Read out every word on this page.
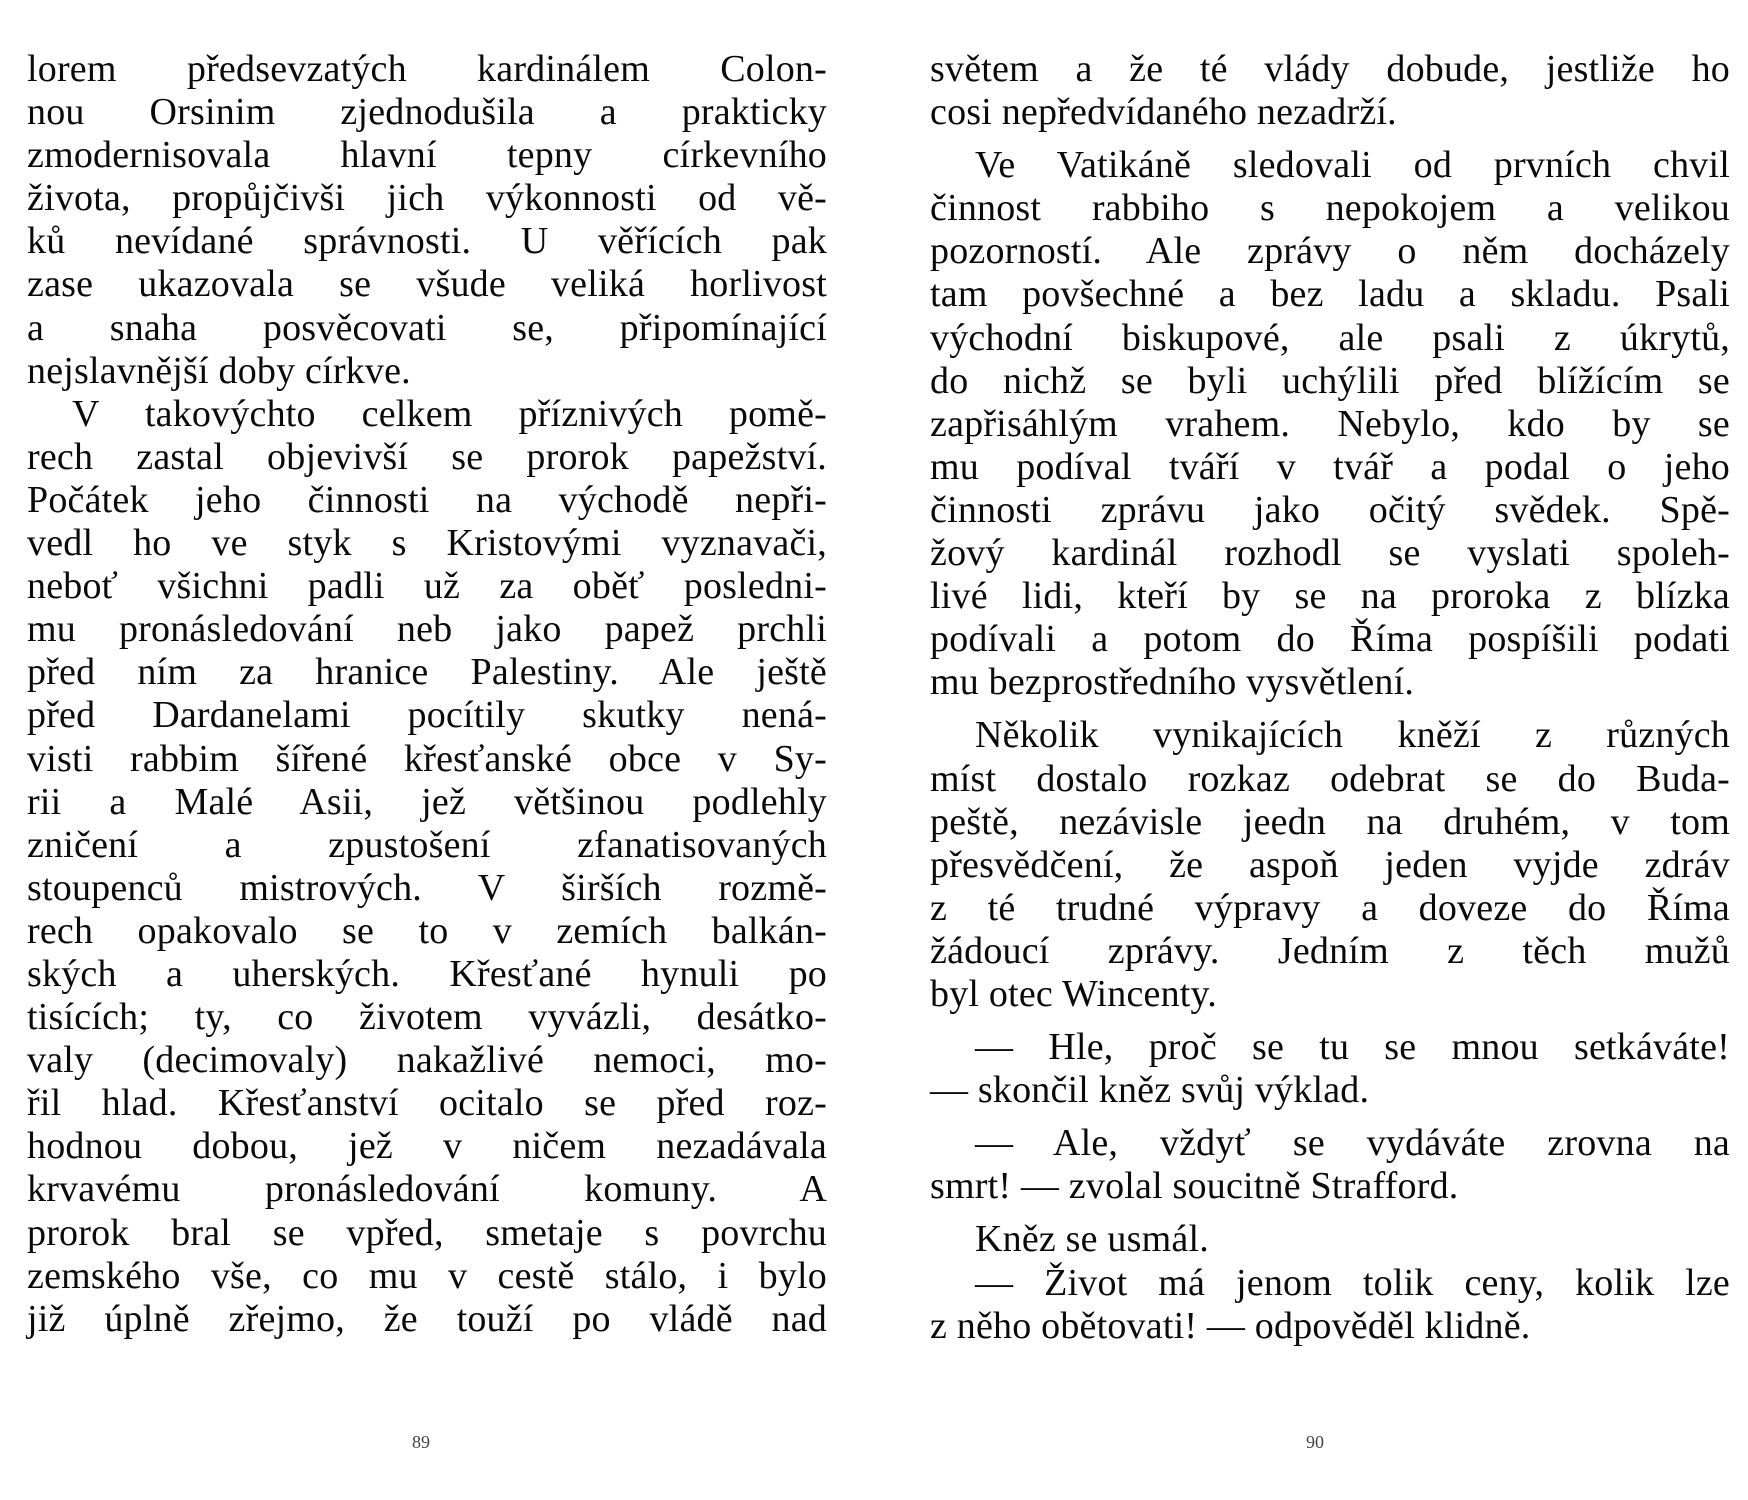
lorem předsevzatých kardinálem Colon-
nou Orsinim zjednodušila a prakticky
zmodernisovala hlavní tepny církevního
života, propůjčivši jich výkonnosti od vě-
ků nevídané správnosti. U věřících pak
zase ukazovala se všude veliká horlivost
a snaha posvěcovati se, připomínající
nejslavnější doby církve.
V takovýchto celkem příznivých pomě-
rech zastal objevivší se prorok papežství.
Počátek jeho činnosti na východě nepři-
vedl ho ve styk s Kristovými vyznavači,
neboť všichni padli už za oběť posledni-
mu pronásledování neb jako papež prchli
před ním za hranice Palestiny. Ale ještě
před Dardanelami pocítily skutky nená-
visti rabbim šířené křesťanské obce v Sy-
rii a Malé Asii, jež většinou podlehly
zničení a zpustošení zfanatisovaných
stoupenců mistrových. V širších rozmě-
rech opakovalo se to v zemích balkán-
ských a uherských. Křesťané hynuli po
tisících; ty, co životem vyvázli, desátko-
valy (decimovaly) nakažlivé nemoci, mo-
řil hlad. Křesťanství ocitalo se před roz-
hodnou dobou, jež v ničem nezadávala
krvavému pronásledování komuny. A
prorok bral se vpřed, smetaje s povrchu
zemského vše, co mu v cestě stálo, i bylo
již úplně zřejmo, že touží po vládě nad
světem a že té vlády dobude, jestliže ho
cosi nepředvídaného nezadrží.
Ve Vatikáně sledovali od prvních chvil
činnost rabbiho s nepokojem a velikou
pozorností. Ale zprávy o něm docházely
tam povšechné a bez ladu a skladu. Psali
východní biskupové, ale psali z úkrytů,
do nichž se byli uchýlili před blížícím se
zapřisáhlým vrahem. Nebylo, kdo by se
mu podíval tváří v tvář a podal o jeho
činnosti zprávu jako očitý svědek. Spě-
žový kardinál rozhodl se vyslati spoleh-
livé lidi, kteří by se na proroka z blízka
podívali a potom do Říma pospíšili podati
mu bezprostředního vysvětlení.
Několik vynikajících kněží z různých
míst dostalo rozkaz odebrat se do Buda-
peště, nezávisle jeedn na druhém, v tom
přesvědčení, že aspoň jeden vyjde zdráv
z té trudné výpravy a doveze do Říma
žádoucí zprávy. Jedním z těch mužů
byl otec Wincenty.
— Hle, proč se tu se mnou setkáváte!
— skončil kněz svůj výklad.
— Ale, vždyť se vydáváte zrovna na
smrt! — zvolal soucitně Strafford.
Kněz se usmál.
— Život má jenom tolik ceny, kolik lze
z něho obětovati! — odpověděl klidně.
89	90
